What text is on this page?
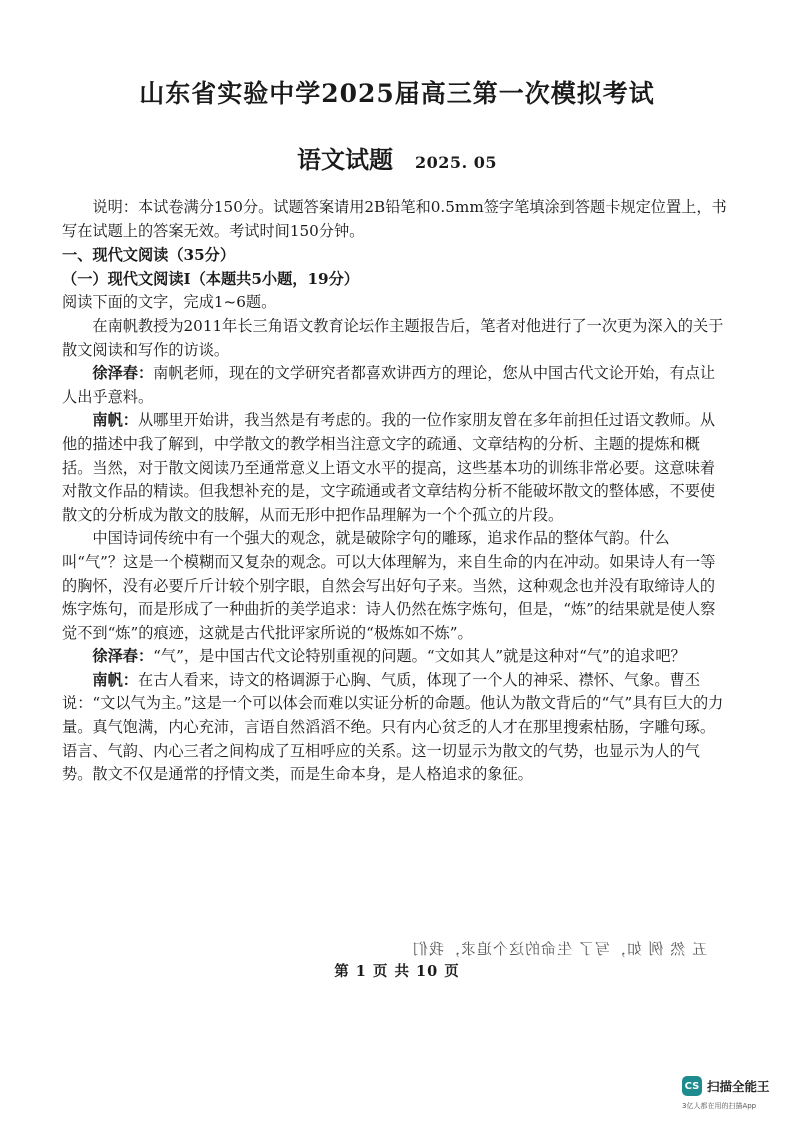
山东省实验中学2025届高三第一次模拟考试
语文试题 2025. 05

说明：本试卷满分150分。试题答案请用2B铅笔和0.5mm签字笔填涂到答题卡规定位置上，书写在试题上的答案无效。考试时间150分钟。

一、现代文阅读（35分）

（一）现代文阅读Ⅰ（本题共5小题，19分）

阅读下面的文字，完成1~6题。

在南帆教授为2011年长三角语文教育论坛作主题报告后，笔者对他进行了一次更为深入的关于散文阅读和写作的访谈。

徐泽春：南帆老师，现在的文学研究者都喜欢讲西方的理论，您从中国古代文论开始，有点让人出乎意料。

南帆：从哪里开始讲，我当然是有考虑的。我的一位作家朋友曾在多年前担任过语文教师。从他的描述中我了解到，中学散文的教学相当注意文字的疏通、文章结构的分析、主题的提炼和概括。当然，对于散文阅读乃至通常意义上语文水平的提高，这些基本功的训练非常必要。这意味着对散文作品的精读。但我想补充的是，文字疏通或者文章结构分析不能破坏散文的整体感，不要使散文的分析成为散文的肢解，从而无形中把作品理解为一个个孤立的片段。

中国诗词传统中有一个强大的观念，就是破除字句的雕琢，追求作品的整体气韵。什么叫“气”？这是一个模糊而又复杂的观念。可以大体理解为，来自生命的内在冲动。如果诗人有一等的胸怀，没有必要斤斤计较个别字眼，自然会写出好句子来。当然，这种观念也并没有取缔诗人的炼字炼句，而是形成了一种曲折的美学追求：诗人仍然在炼字炼句，但是，“炼”的结果就是使人察觉不到“炼”的痕迹，这就是古代批评家所说的“极炼如不炼”。

徐泽春：“气”，是中国古代文论特别重视的问题。“文如其人”就是这种对“气”的追求吧？

南帆：在古人看来，诗文的格调源于心胸、气质，体现了一个人的神采、襟怀、气象。曹丕说：“文以气为主。”这是一个可以体会而难以实证分析的命题。他认为散文背后的“气”具有巨大的力量。真气饱满，内心充沛，言语自然滔滔不绝。只有内心贫乏的人才在那里搜索枯肠，字雕句琢。语言、气韵、内心三者之间构成了互相呼应的关系。这一切显示为散文的气势，也显示为人的气势。散文不仅是通常的抒情文类，而是生命本身，是人格追求的象征。

五 然 例 如，写了 生命的这个追求，我们
第 1 页 共 10 页
CS 扫描全能王
3亿人都在用的扫描App
